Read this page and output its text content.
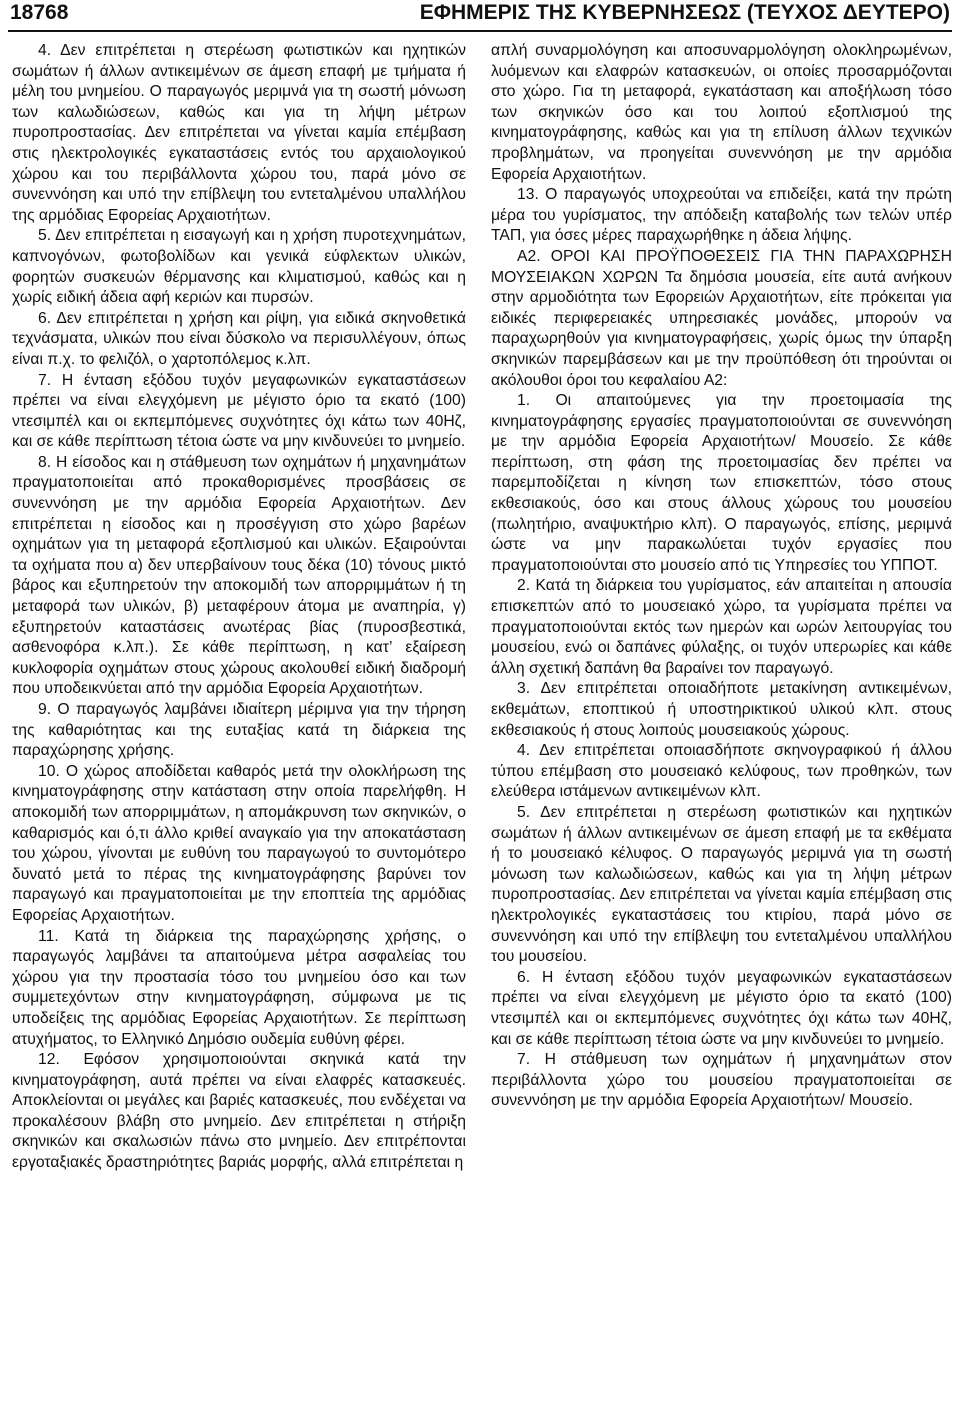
18768	ΕΦΗΜΕΡΙΣ ΤΗΣ ΚΥΒΕΡΝΗΣΕΩΣ (ΤΕΥΧΟΣ ΔΕΥΤΕΡΟ)

4. Δεν επιτρέπεται η στερέωση φωτιστικών και ηχητικών σωμάτων ή άλλων αντικειμένων σε άμεση επαφή με τμήματα ή μέλη του μνημείου. Ο παραγωγός μεριμνά για τη σωστή μόνωση των καλωδιώσεων, καθώς και για τη λήψη μέτρων πυροπροστασίας. Δεν επιτρέπεται να γίνεται καμία επέμβαση στις ηλεκτρολογικές εγκαταστάσεις εντός του αρχαιολογικού χώρου και του περιβάλλοντα χώρου του, παρά μόνο σε συνεννόηση και υπό την επίβλεψη του εντεταλμένου υπαλλήλου της αρμόδιας Εφορείας Αρχαιοτήτων.

5. Δεν επιτρέπεται η εισαγωγή και η χρήση πυροτεχνημάτων, καπνογόνων, φωτοβολίδων και γενικά εύφλεκτων υλικών, φορητών συσκευών θέρμανσης και κλιματισμού, καθώς και η χωρίς ειδική άδεια αφή κεριών και πυρσών.

6. Δεν επιτρέπεται η χρήση και ρίψη, για ειδικά σκηνοθετικά τεχνάσματα, υλικών που είναι δύσκολο να περισυλλέγουν, όπως είναι π.χ. το φελιζόλ, ο χαρτοπόλεμος κ.λπ.

7. Η ένταση εξόδου τυχόν μεγαφωνικών εγκαταστάσεων πρέπει να είναι ελεγχόμενη με μέγιστο όριο τα εκατό (100) ντεσιμπέλ και οι εκπεμπόμενες συχνότητες όχι κάτω των 40Ηζ, και σε κάθε περίπτωση τέτοια ώστε να μην κινδυνεύει το μνημείο.

8. Η είσοδος και η στάθμευση των οχημάτων ή μηχανημάτων πραγματοποιείται από προκαθορισμένες προσβάσεις σε συνεννόηση με την αρμόδια Εφορεία Αρχαιοτήτων. Δεν επιτρέπεται η είσοδος και η προσέγγιση στο χώρο βαρέων οχημάτων για τη μεταφορά εξοπλισμού και υλικών. Εξαιρούνται τα οχήματα που α) δεν υπερβαίνουν τους δέκα (10) τόνους μικτό βάρος και εξυπηρετούν την αποκομιδή των απορριμμάτων ή τη μεταφορά των υλικών, β) μεταφέρουν άτομα με αναπηρία, γ) εξυπηρετούν καταστάσεις ανωτέρας βίας (πυροσβεστικά, ασθενοφόρα κ.λπ.). Σε κάθε περίπτωση, η κατ’ εξαίρεση κυκλοφορία οχημάτων στους χώρους ακολουθεί ειδική διαδρομή που υποδεικνύεται από την αρμόδια Εφορεία Αρχαιοτήτων.

9. Ο παραγωγός λαμβάνει ιδιαίτερη μέριμνα για την τήρηση της καθαριότητας και της ευταξίας κατά τη διάρκεια της παραχώρησης χρήσης.

10. Ο χώρος αποδίδεται καθαρός μετά την ολοκλήρωση της κινηματογράφησης στην κατάσταση στην οποία παρελήφθη. Η αποκομιδή των απορριμμάτων, η απομάκρυνση των σκηνικών, ο καθαρισμός και ό,τι άλλο κριθεί αναγκαίο για την αποκατάσταση του χώρου, γίνονται με ευθύνη του παραγωγού το συντομότερο δυνατό μετά το πέρας της κινηματογράφησης βαρύνει τον παραγωγό και πραγματοποιείται με την εποπτεία της αρμόδιας Εφορείας Αρχαιοτήτων.

11. Κατά τη διάρκεια της παραχώρησης χρήσης, ο παραγωγός λαμβάνει τα απαιτούμενα μέτρα ασφαλείας του χώρου για την προστασία τόσο του μνημείου όσο και των συμμετεχόντων στην κινηματογράφηση, σύμφωνα με τις υποδείξεις της αρμόδιας Εφορείας Αρχαιοτήτων. Σε περίπτωση ατυχήματος, το Ελληνικό Δημόσιο ουδεμία ευθύνη φέρει.

12. Εφόσον χρησιμοποιούνται σκηνικά κατά την κινηματογράφηση, αυτά πρέπει να είναι ελαφρές κατασκευές. Αποκλείονται οι μεγάλες και βαριές κατασκευές, που ενδέχεται να προκαλέσουν βλάβη στο μνημείο. Δεν επιτρέπεται η στήριξη σκηνικών και σκαλωσιών πάνω στο μνημείο. Δεν επιτρέπονται εργοταξιακές δραστηριότητες βαριάς μορφής, αλλά επιτρέπεται η

απλή συναρμολόγηση και αποσυναρμολόγηση ολοκληρωμένων, λυόμενων και ελαφρών κατασκευών, οι οποίες προσαρμόζονται στο χώρο. Για τη μεταφορά, εγκατάσταση και αποξήλωση τόσο των σκηνικών όσο και του λοιπού εξοπλισμού της κινηματογράφησης, καθώς και για τη επίλυση άλλων τεχνικών προβλημάτων, να προηγείται συνεννόηση με την αρμόδια Εφορεία Αρχαιοτήτων.

13. Ο παραγωγός υποχρεούται να επιδείξει, κατά την πρώτη μέρα του γυρίσματος, την απόδειξη καταβολής των τελών υπέρ ΤΑΠ, για όσες μέρες παραχωρήθηκε η άδεια λήψης.

Α2. ΟΡΟΙ ΚΑΙ ΠΡΟΫΠΟΘΕΣΕΙΣ ΓΙΑ ΤΗΝ ΠΑΡΑΧΩΡΗΣΗ ΜΟΥΣΕΙΑΚΩΝ ΧΩΡΩΝ Τα δημόσια μουσεία, είτε αυτά ανήκουν στην αρμοδιότητα των Εφορειών Αρχαιοτήτων, είτε πρόκειται για ειδικές περιφερειακές υπηρεσιακές μονάδες, μπορούν να παραχωρηθούν για κινηματογραφήσεις, χωρίς όμως την ύπαρξη σκηνικών παρεμβάσεων και με την προϋπόθεση ότι τηρούνται οι ακόλουθοι όροι του κεφαλαίου Α2:

1. Οι απαιτούμενες για την προετοιμασία της κινηματογράφησης εργασίες πραγματοποιούνται σε συνεννόηση με την αρμόδια Εφορεία Αρχαιοτήτων/ Μουσείο. Σε κάθε περίπτωση, στη φάση της προετοιμασίας δεν πρέπει να παρεμποδίζεται η κίνηση των επισκεπτών, τόσο στους εκθεσιακούς, όσο και στους άλλους χώρους του μουσείου (πωλητήριο, αναψυκτήριο κλπ). Ο παραγωγός, επίσης, μεριμνά ώστε να μην παρακωλύεται τυχόν εργασίες που πραγματοποιούνται στο μουσείο από τις Υπηρεσίες του ΥΠΠΟΤ.

2. Κατά τη διάρκεια του γυρίσματος, εάν απαιτείται η απουσία επισκεπτών από το μουσειακό χώρο, τα γυρίσματα πρέπει να πραγματοποιούνται εκτός των ημερών και ωρών λειτουργίας του μουσείου, ενώ οι δαπάνες φύλαξης, οι τυχόν υπερωρίες και κάθε άλλη σχετική δαπάνη θα βαραίνει τον παραγωγό.

3. Δεν επιτρέπεται οποιαδήποτε μετακίνηση αντικειμένων, εκθεμάτων, εποπτικού ή υποστηρικτικού υλικού κλπ. στους εκθεσιακούς ή στους λοιπούς μουσειακούς χώρους.

4. Δεν επιτρέπεται οποιασδήποτε σκηνογραφικού ή άλλου τύπου επέμβαση στο μουσειακό κελύφους, των προθηκών, των ελεύθερα ιστάμενων αντικειμένων κλπ.

5. Δεν επιτρέπεται η στερέωση φωτιστικών και ηχητικών σωμάτων ή άλλων αντικειμένων σε άμεση επαφή με τα εκθέματα ή το μουσειακό κέλυφος. Ο παραγωγός μεριμνά για τη σωστή μόνωση των καλωδιώσεων, καθώς και για τη λήψη μέτρων πυροπροστασίας. Δεν επιτρέπεται να γίνεται καμία επέμβαση στις ηλεκτρολογικές εγκαταστάσεις του κτιρίου, παρά μόνο σε συνεννόηση και υπό την επίβλεψη του εντεταλμένου υπαλλήλου του μουσείου.

6. Η ένταση εξόδου τυχόν μεγαφωνικών εγκαταστάσεων πρέπει να είναι ελεγχόμενη με μέγιστο όριο τα εκατό (100) ντεσιμπέλ και οι εκπεμπόμενες συχνότητες όχι κάτω των 40Ηζ, και σε κάθε περίπτωση τέτοια ώστε να μην κινδυνεύει το μνημείο.

7. Η στάθμευση των οχημάτων ή μηχανημάτων στον περιβάλλοντα χώρο του μουσείου πραγματοποιείται σε συνεννόηση με την αρμόδια Εφορεία Αρχαιοτήτων/ Μουσείο.
